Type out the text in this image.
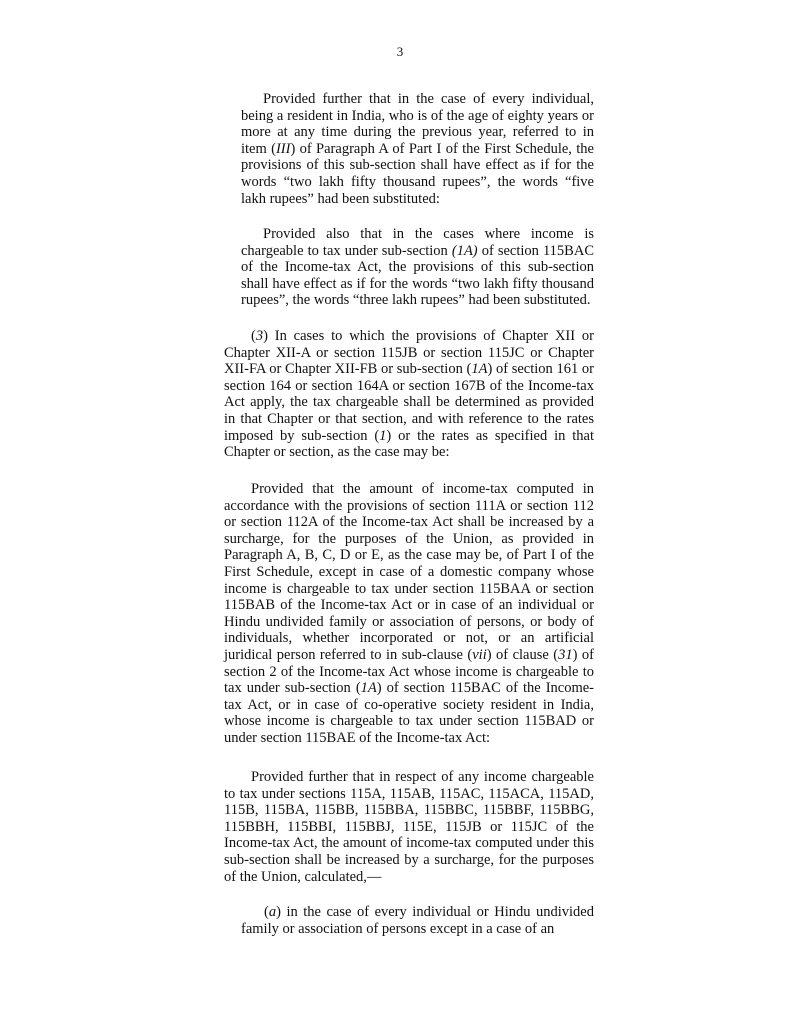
3

Provided further that in the case of every individual, being a resident in India, who is of the age of eighty years or more at any time during the previous year, referred to in item (III) of Paragraph A of Part I of the First Schedule, the provisions of this sub-section shall have effect as if for the words “two lakh fifty thousand rupees”, the words “five lakh rupees” had been substituted:

Provided also that in the cases where income is chargeable to tax under sub-section (1A) of section 115BAC of the Income-tax Act, the provisions of this sub-section shall have effect as if for the words “two lakh fifty thousand rupees”, the words “three lakh rupees” had been substituted.

(3) In cases to which the provisions of Chapter XII or Chapter XII-A or section 115JB or section 115JC or Chapter XII-FA or Chapter XII-FB or sub-section (1A) of section 161 or section 164 or section 164A or section 167B of the Income-tax Act apply, the tax chargeable shall be determined as provided in that Chapter or that section, and with reference to the rates imposed by sub-section (1) or the rates as specified in that Chapter or section, as the case may be:

Provided that the amount of income-tax computed in accordance with the provisions of section 111A or section 112 or section 112A of the Income-tax Act shall be increased by a surcharge, for the purposes of the Union, as provided in Paragraph A, B, C, D or E, as the case may be, of Part I of the First Schedule, except in case of a domestic company whose income is chargeable to tax under section 115BAA or section 115BAB of the Income-tax Act or in case of an individual or Hindu undivided family or association of persons, or body of individuals, whether incorporated or not, or an artificial juridical person referred to in sub-clause (vii) of clause (31) of section 2 of the Income-tax Act whose income is chargeable to tax under sub-section (1A) of section 115BAC of the Income-tax Act, or in case of co-operative society resident in India, whose income is chargeable to tax under section 115BAD or under section 115BAE of the Income-tax Act:

Provided further that in respect of any income chargeable to tax under sections 115A, 115AB, 115AC, 115ACA, 115AD, 115B, 115BA, 115BB, 115BBA, 115BBC, 115BBF, 115BBG, 115BBH, 115BBI, 115BBJ, 115E, 115JB or 115JC of the Income-tax Act, the amount of income-tax computed under this sub-section shall be increased by a surcharge, for the purposes of the Union, calculated,—

(a) in the case of every individual or Hindu undivided family or association of persons except in a case of an
